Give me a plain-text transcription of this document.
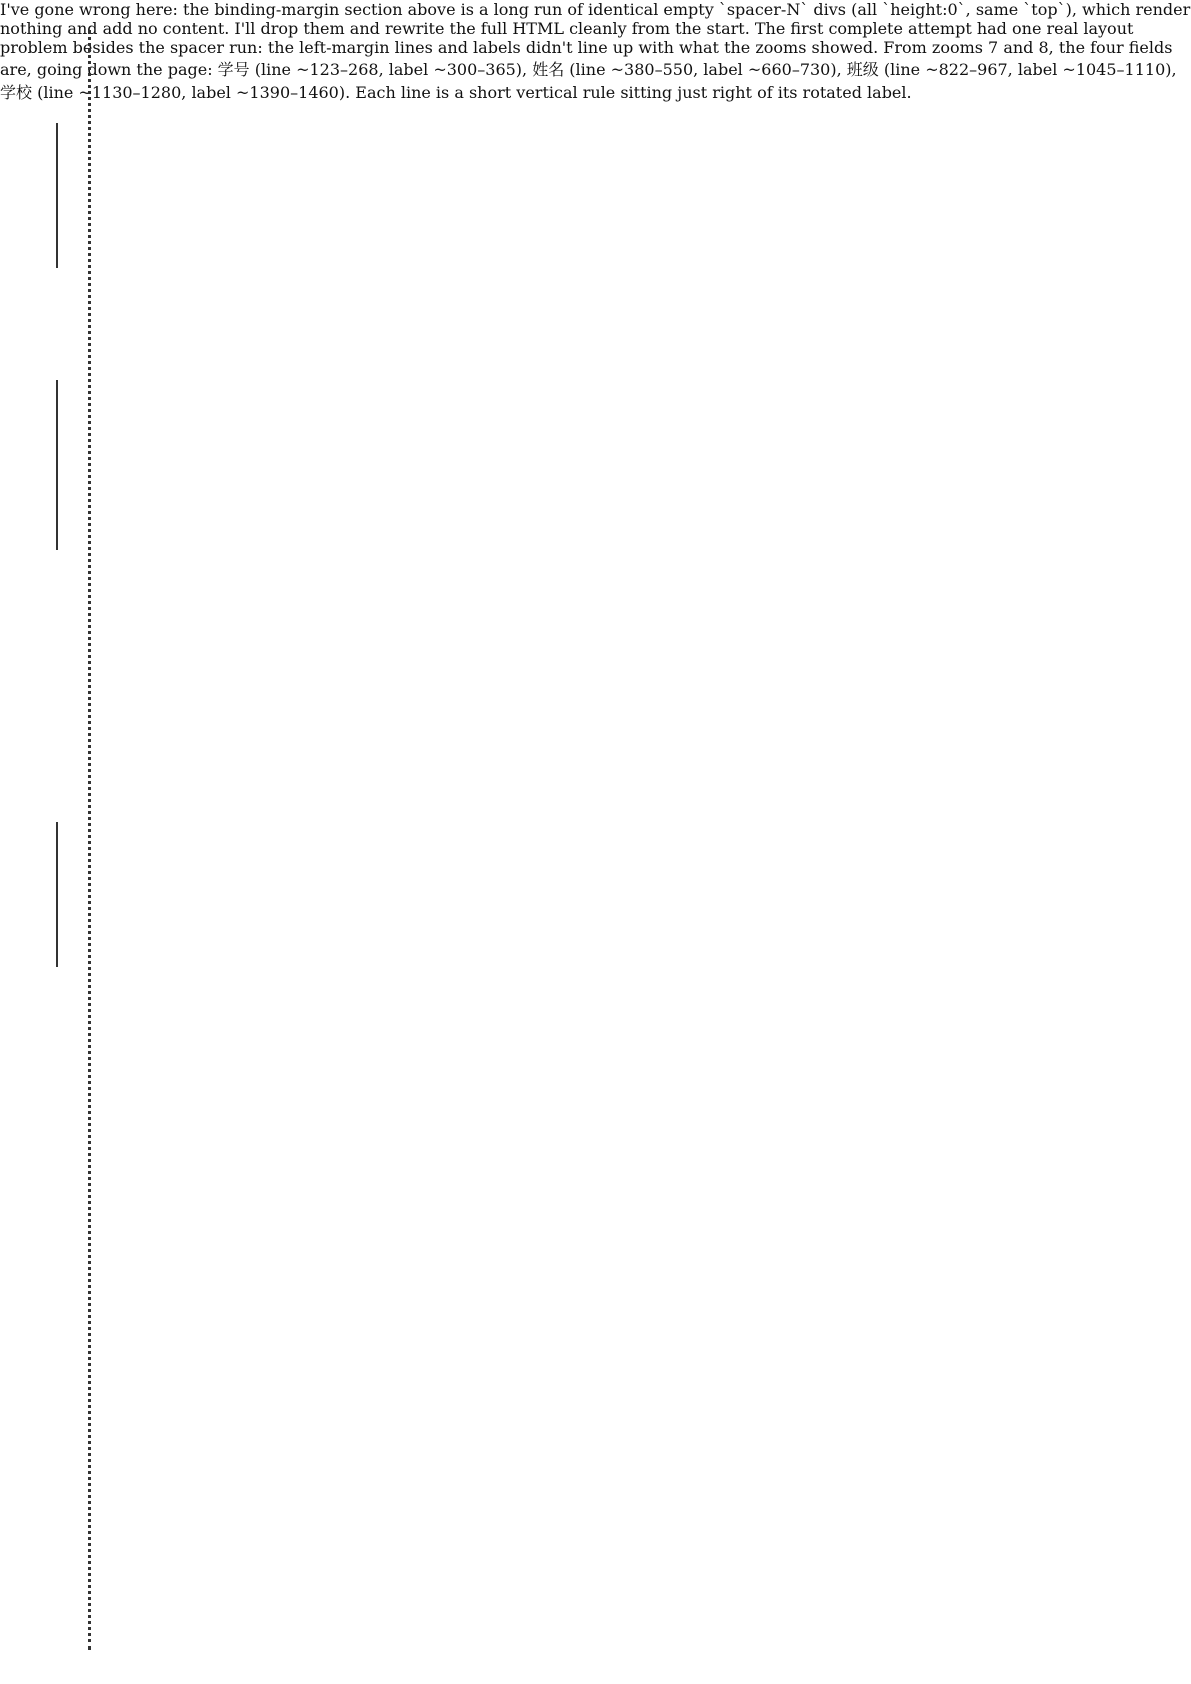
I've gone wrong here: the binding-margin section above is a long run of identical empty `spacer-N` divs (all `height:0`, same `top`), which render nothing and add no content. I'll drop them and rewrite the full HTML cleanly from the start. The first complete attempt had one real layout problem besides the spacer run: the left-margin lines and labels didn't line up with what the zooms showed. From zooms 7 and 8, the four fields are, going down the page: 学号 (line ~123–268, label ~300–365), 姓名 (line ~380–550, label ~660–730), 班级 (line ~822–967, label ~1045–1110), 学校 (line ~1130–1280, label ~1390–1460). Each line is a short vertical rule sitting just right of its rotated label.
